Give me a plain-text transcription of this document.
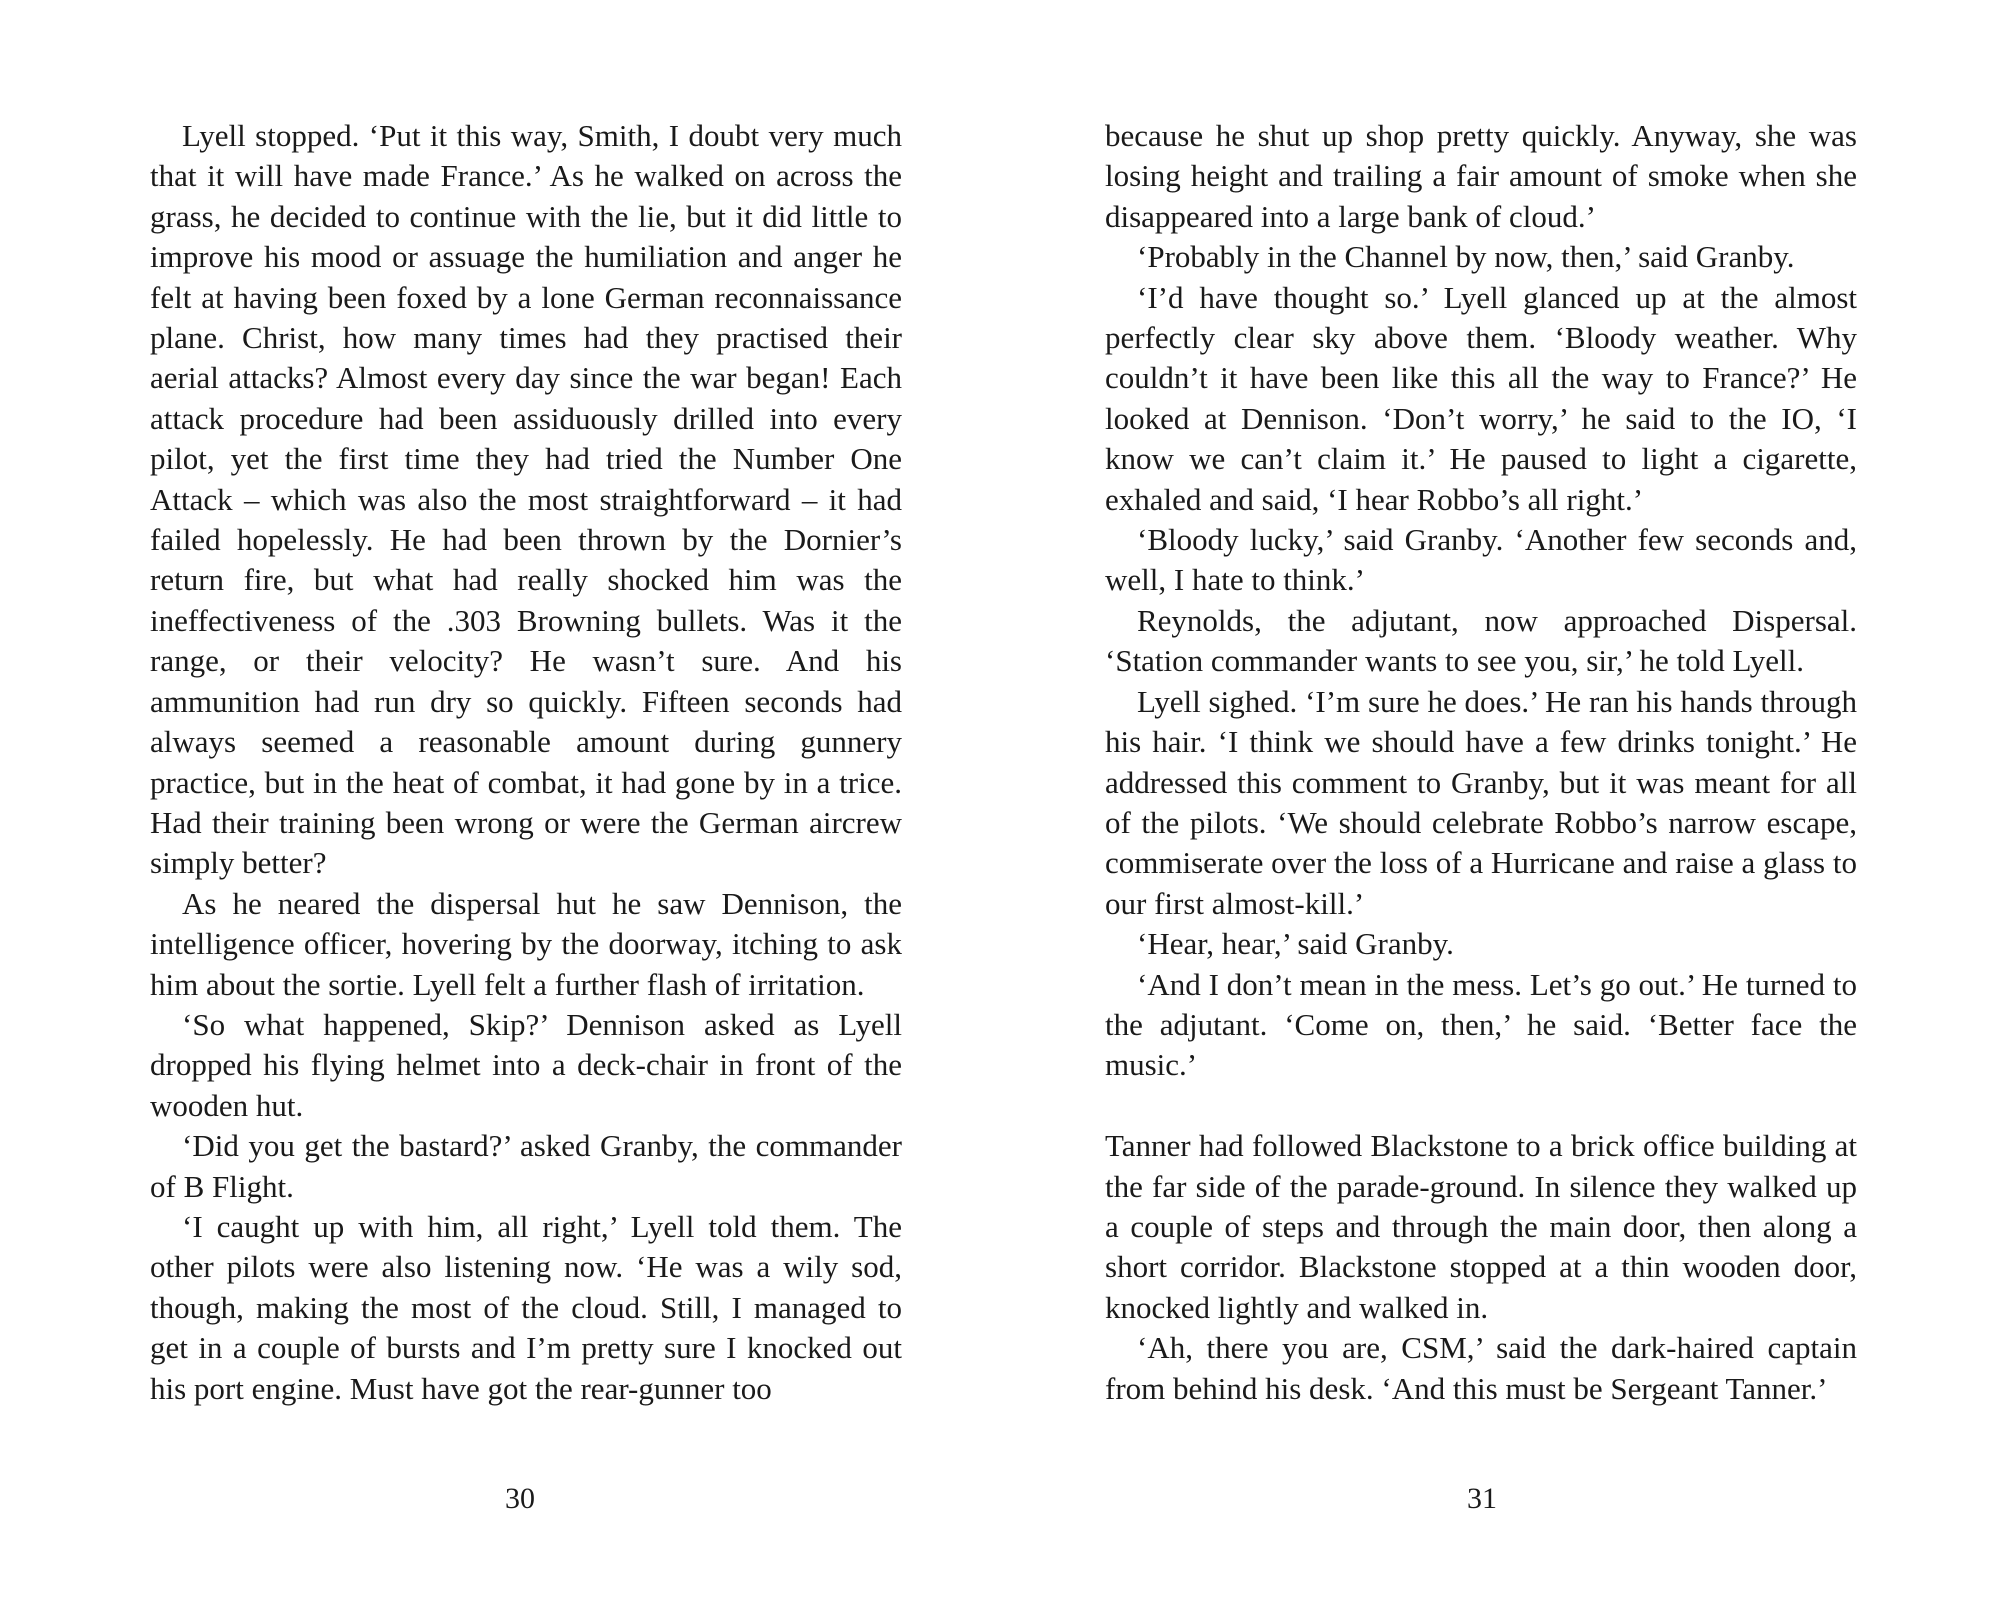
Lyell stopped. ‘Put it this way, Smith, I doubt very much that it will have made France.’ As he walked on across the grass, he decided to continue with the lie, but it did little to improve his mood or assuage the humiliation and anger he felt at having been foxed by a lone German reconnaissance plane. Christ, how many times had they practised their aerial attacks? Almost every day since the war began! Each attack procedure had been assiduously drilled into every pilot, yet the first time they had tried the Number One Attack – which was also the most straightforward – it had failed hopelessly. He had been thrown by the Dornier’s return fire, but what had really shocked him was the ineffectiveness of the .303 Browning bullets. Was it the range, or their velocity? He wasn’t sure. And his ammunition had run dry so quickly. Fifteen seconds had always seemed a reasonable amount during gunnery practice, but in the heat of combat, it had gone by in a trice. Had their training been wrong or were the German aircrew simply better?

As he neared the dispersal hut he saw Dennison, the intelligence officer, hovering by the doorway, itching to ask him about the sortie. Lyell felt a further flash of irritation.

‘So what happened, Skip?’ Dennison asked as Lyell dropped his flying helmet into a deck-chair in front of the wooden hut.

‘Did you get the bastard?’ asked Granby, the commander of B Flight.

‘I caught up with him, all right,’ Lyell told them. The other pilots were also listening now. ‘He was a wily sod, though, making the most of the cloud. Still, I managed to get in a couple of bursts and I’m pretty sure I knocked out his port engine. Must have got the rear-gunner too

30

because he shut up shop pretty quickly. Anyway, she was losing height and trailing a fair amount of smoke when she disappeared into a large bank of cloud.’

‘Probably in the Channel by now, then,’ said Granby.

‘I’d have thought so.’ Lyell glanced up at the almost perfectly clear sky above them. ‘Bloody weather. Why couldn’t it have been like this all the way to France?’ He looked at Dennison. ‘Don’t worry,’ he said to the IO, ‘I know we can’t claim it.’ He paused to light a cigarette, exhaled and said, ‘I hear Robbo’s all right.’

‘Bloody lucky,’ said Granby. ‘Another few seconds and, well, I hate to think.’

Reynolds, the adjutant, now approached Dispersal. ‘Station commander wants to see you, sir,’ he told Lyell.

Lyell sighed. ‘I’m sure he does.’ He ran his hands through his hair. ‘I think we should have a few drinks tonight.’ He addressed this comment to Granby, but it was meant for all of the pilots. ‘We should celebrate Robbo’s narrow escape, commiserate over the loss of a Hurricane and raise a glass to our first almost-kill.’

‘Hear, hear,’ said Granby.

‘And I don’t mean in the mess. Let’s go out.’ He turned to the adjutant. ‘Come on, then,’ he said. ‘Better face the music.’

Tanner had followed Blackstone to a brick office building at the far side of the parade-ground. In silence they walked up a couple of steps and through the main door, then along a short corridor. Blackstone stopped at a thin wooden door, knocked lightly and walked in.

‘Ah, there you are, CSM,’ said the dark-haired captain from behind his desk. ‘And this must be Sergeant Tanner.’

31
